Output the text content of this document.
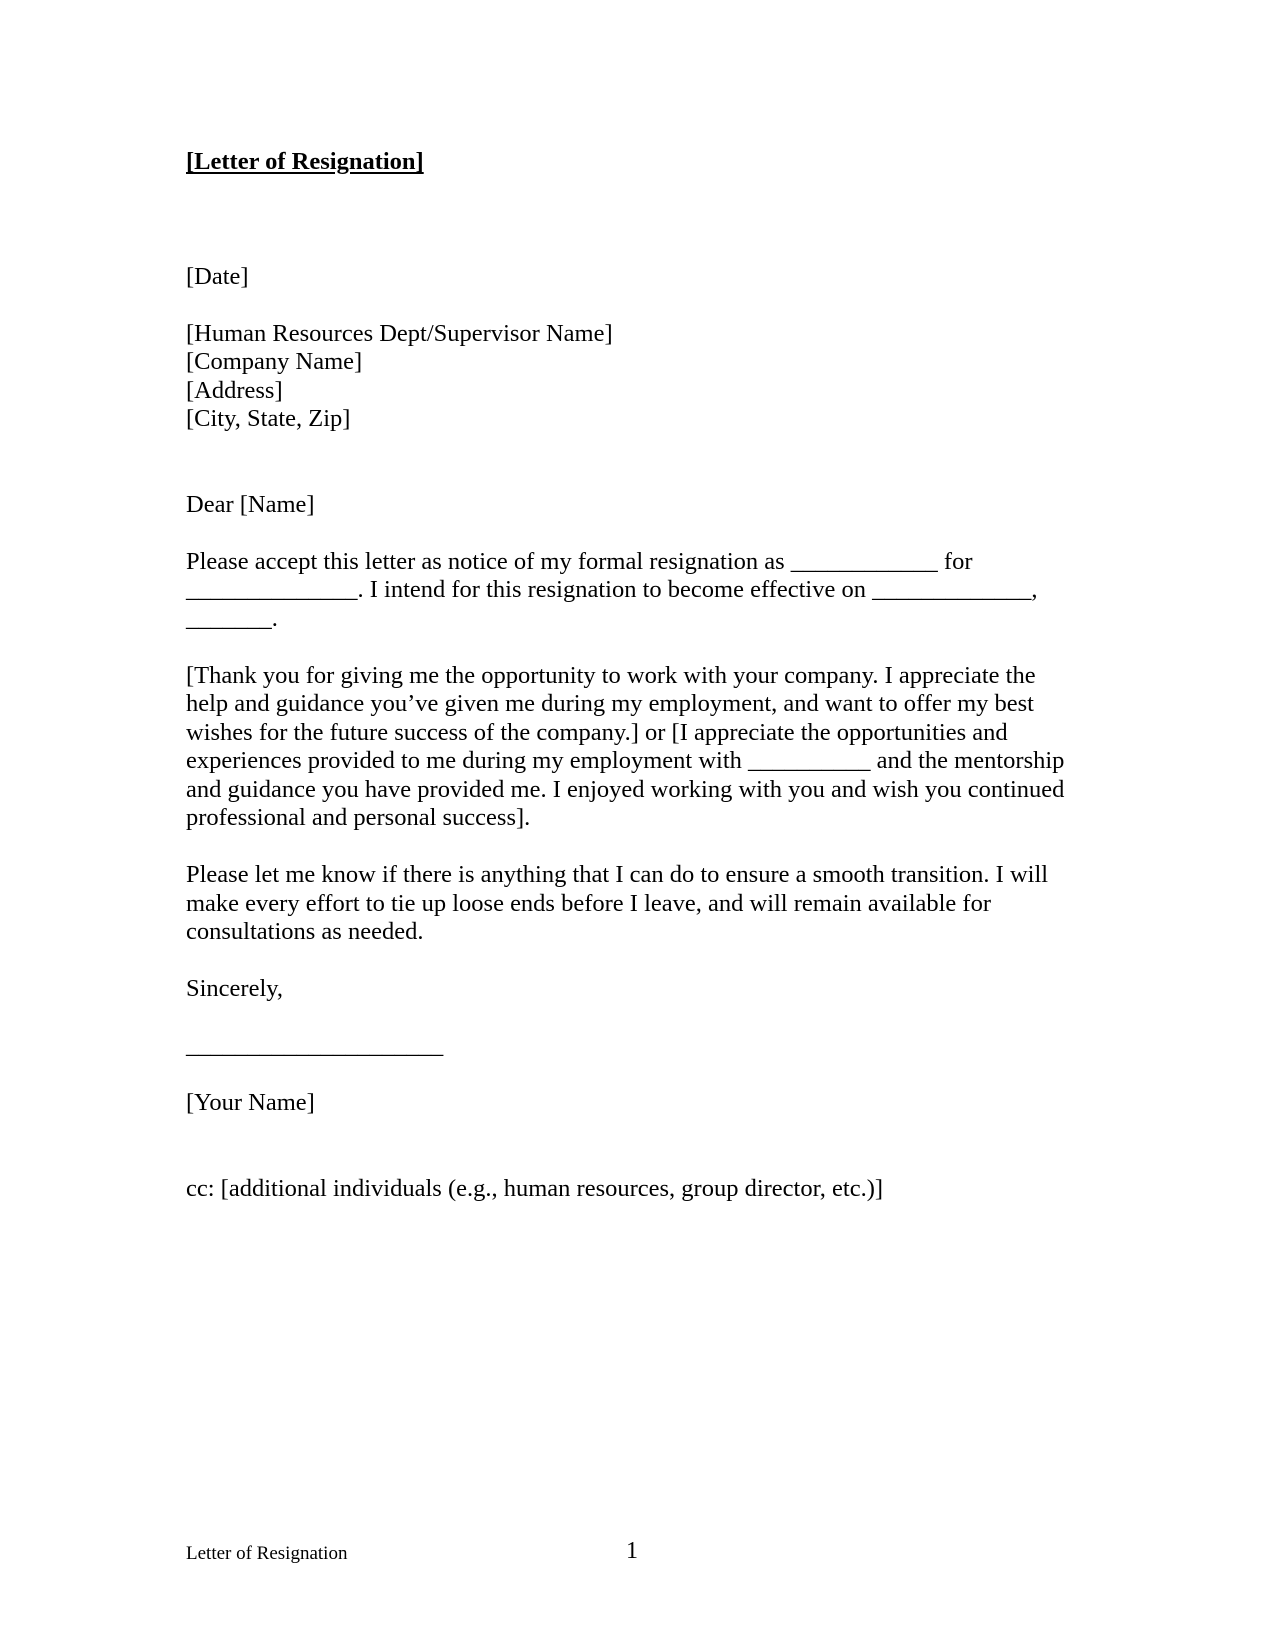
[Letter of Resignation]

[Date]

[Human Resources Dept/Supervisor Name]

[Company Name]

[Address]

[City, State, Zip]

Dear [Name]

Please accept this letter as notice of my formal resignation as ____________ for

______________. I intend for this resignation to become effective on _____________,

_______.

[Thank you for giving me the opportunity to work with your company. I appreciate the

help and guidance you’ve given me during my employment, and want to offer my best

wishes for the future success of the company.] or [I appreciate the opportunities and

experiences provided to me during my employment with __________ and the mentorship

and guidance you have provided me. I enjoyed working with you and wish you continued

professional and personal success].

Please let me know if there is anything that I can do to ensure a smooth transition. I will

make every effort to tie up loose ends before I leave, and will remain available for

consultations as needed.

Sincerely,

_____________________

[Your Name]

cc: [additional individuals (e.g., human resources, group director, etc.)]

Letter of Resignation	1
